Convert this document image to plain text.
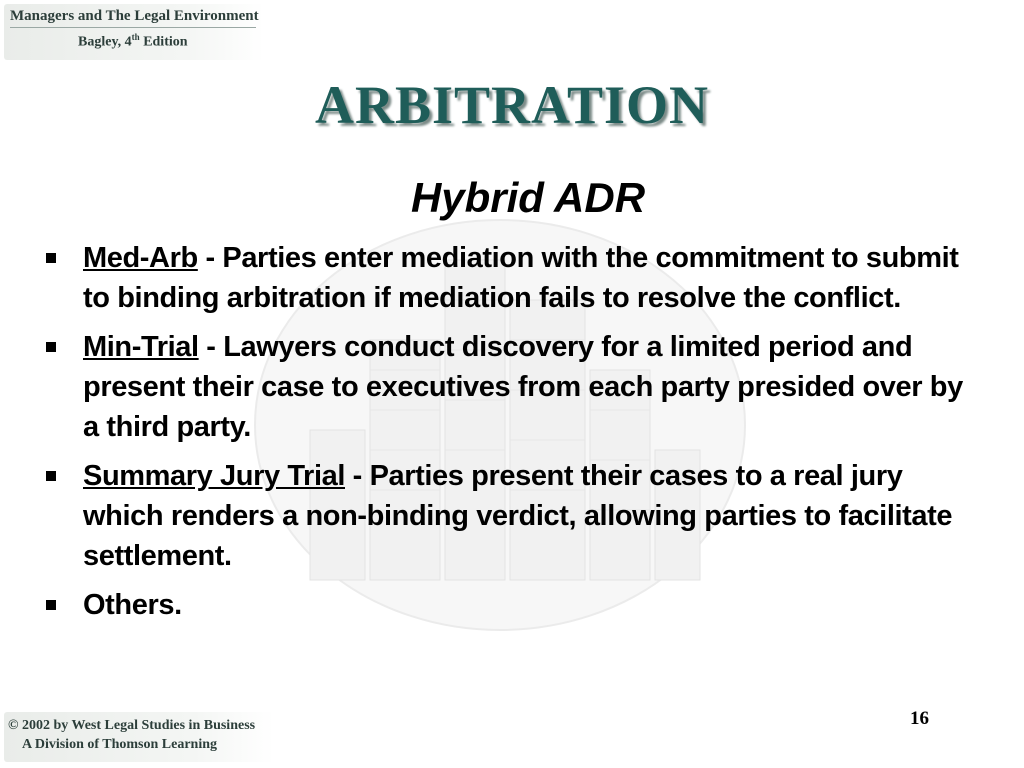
Managers and The Legal Environment
Bagley, 4th Edition
ARBITRATION
Hybrid ADR
Med-Arb - Parties enter mediation with the commitment to submit to binding arbitration if mediation fails to resolve the conflict.
Min-Trial - Lawyers conduct discovery for a limited period and present their case to executives from each party presided over by a third party.
Summary Jury Trial - Parties present their cases to a real jury which renders a non-binding verdict, allowing parties to facilitate settlement.
Others.
16
© 2002 by West Legal Studies in Business
A Division of Thomson Learning
